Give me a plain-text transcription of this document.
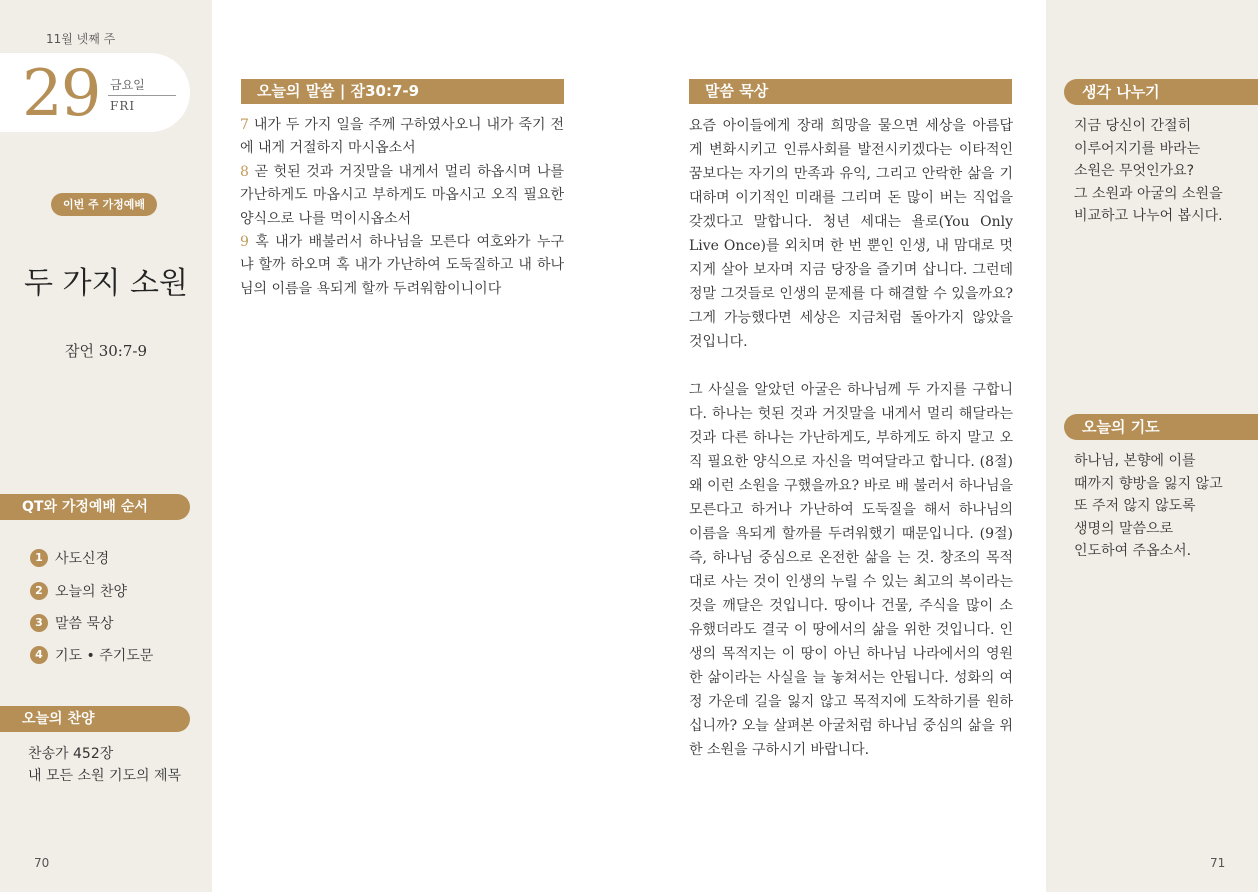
11월 넷째 주
29 금요일
FRI
이번 주 가정예배
두 가지 소원
잠언 30:7-9
QT와 가정예배 순서
1 사도신경
2 오늘의 찬양
3 말씀 묵상
4 기도 • 주기도문
오늘의 찬양
찬송가 452장
내 모든 소원 기도의 제목
70
오늘의 말씀 | 잠30:7-9

7 내가 두 가지 일을 주께 구하였사오니 내가 죽기 전에 내게 거절하지 마시옵소서

8 곧 헛된 것과 거짓말을 내게서 멀리 하옵시며 나를 가난하게도 마옵시고 부하게도 마옵시고 오직 필요한 양식으로 나를 먹이시옵소서

9 혹 내가 배불러서 하나님을 모른다 여호와가 누구냐 할까 하오며 혹 내가 가난하여 도둑질하고 내 하나님의 이름을 욕되게 할까 두려워함이니이다

말씀 묵상

요즘 아이들에게 장래 희망을 물으면 세상을 아름답게 변화시키고 인류사회를 발전시키겠다는 이타적인 꿈보다는 자기의 만족과 유익, 그리고 안락한 삶을 기대하며 이기적인 미래를 그리며 돈 많이 버는 직업을 갖겠다고 말합니다. 청년 세대는 욜로(You Only Live Once)를 외치며 한 번 뿐인 인생, 내 맘대로 멋지게 살아 보자며 지금 당장을 즐기며 삽니다. 그런데 정말 그것들로 인생의 문제를 다 해결할 수 있을까요? 그게 가능했다면 세상은 지금처럼 돌아가지 않았을 것입니다.

그 사실을 알았던 아굴은 하나님께 두 가지를 구합니다. 하나는 헛된 것과 거짓말을 내게서 멀리 해달라는 것과 다른 하나는 가난하게도, 부하게도 하지 말고 오직 필요한 양식으로 자신을 먹여달라고 합니다. (8절) 왜 이런 소원을 구했을까요? 바로 배 불러서 하나님을 모른다고 하거나 가난하여 도둑질을 해서 하나님의 이름을 욕되게 할까를 두려워했기 때문입니다. (9절) 즉, 하나님 중심으로 온전한 삶을 는 것. 창조의 목적대로 사는 것이 인생의 누릴 수 있는 최고의 복이라는 것을 깨달은 것입니다. 땅이나 건물, 주식을 많이 소유했더라도 결국 이 땅에서의 삶을 위한 것입니다. 인생의 목적지는 이 땅이 아닌 하나님 나라에서의 영원한 삶이라는 사실을 늘 놓쳐서는 안됩니다. 성화의 여정 가운데 길을 잃지 않고 목적지에 도착하기를 원하십니까? 오늘 살펴본 아굴처럼 하나님 중심의 삶을 위한 소원을 구하시기 바랍니다.

생각 나누기
지금 당신이 간절히
이루어지기를 바라는
소원은 무엇인가요?
그 소원과 아굴의 소원을
비교하고 나누어 봅시다.
오늘의 기도
하나님, 본향에 이를
때까지 향방을 잃지 않고
또 주저 않지 않도록
생명의 말씀으로
인도하여 주옵소서.
71
